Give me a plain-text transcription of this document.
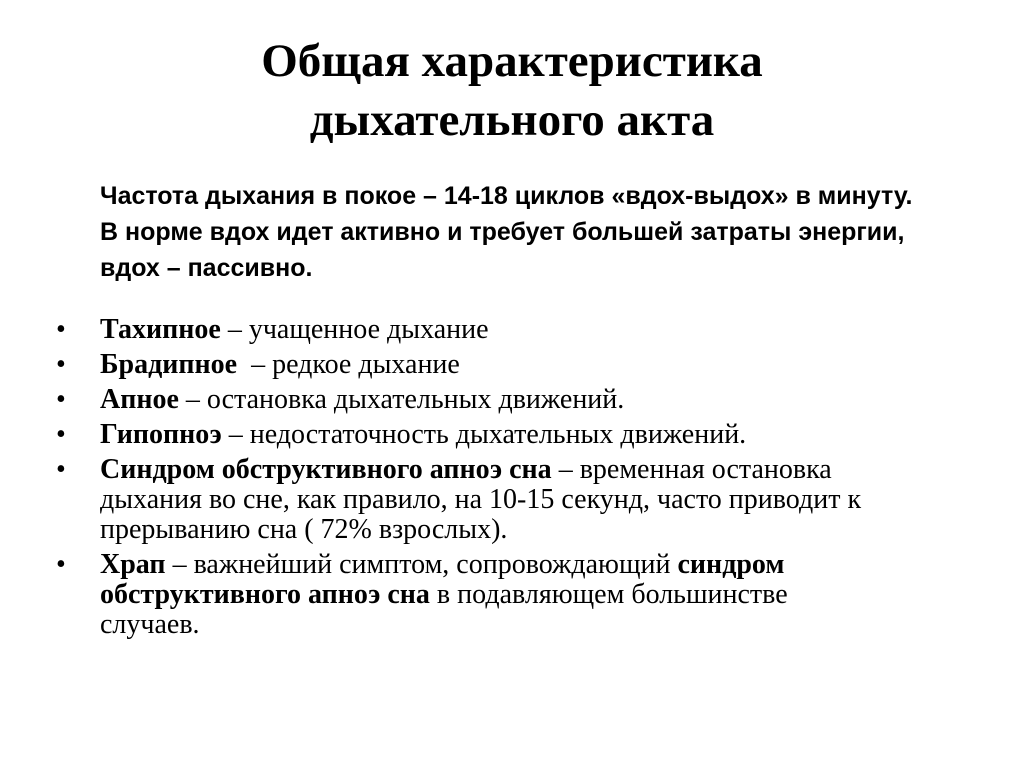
Общая характеристика
дыхательного акта

Частота дыхания в покое – 14-18 циклов «вдох-выдох» в минуту. В норме вдох идет активно и требует большей затраты энергии, вдох – пассивно.

• Тахипное – учащенное дыхание
• Брадипное  – редкое дыхание
• Апное – остановка дыхательных движений.
• Гипопноэ – недостаточность дыхательных движений.
• Синдром обструктивного апноэ сна – временная остановка дыхания во сне, как правило, на 10-15 секунд, часто приводит к прерыванию сна ( 72% взрослых).
• Храп – важнейший симптом, сопровождающий синдром обструктивного апноэ сна в подавляющем большинстве случаев.
